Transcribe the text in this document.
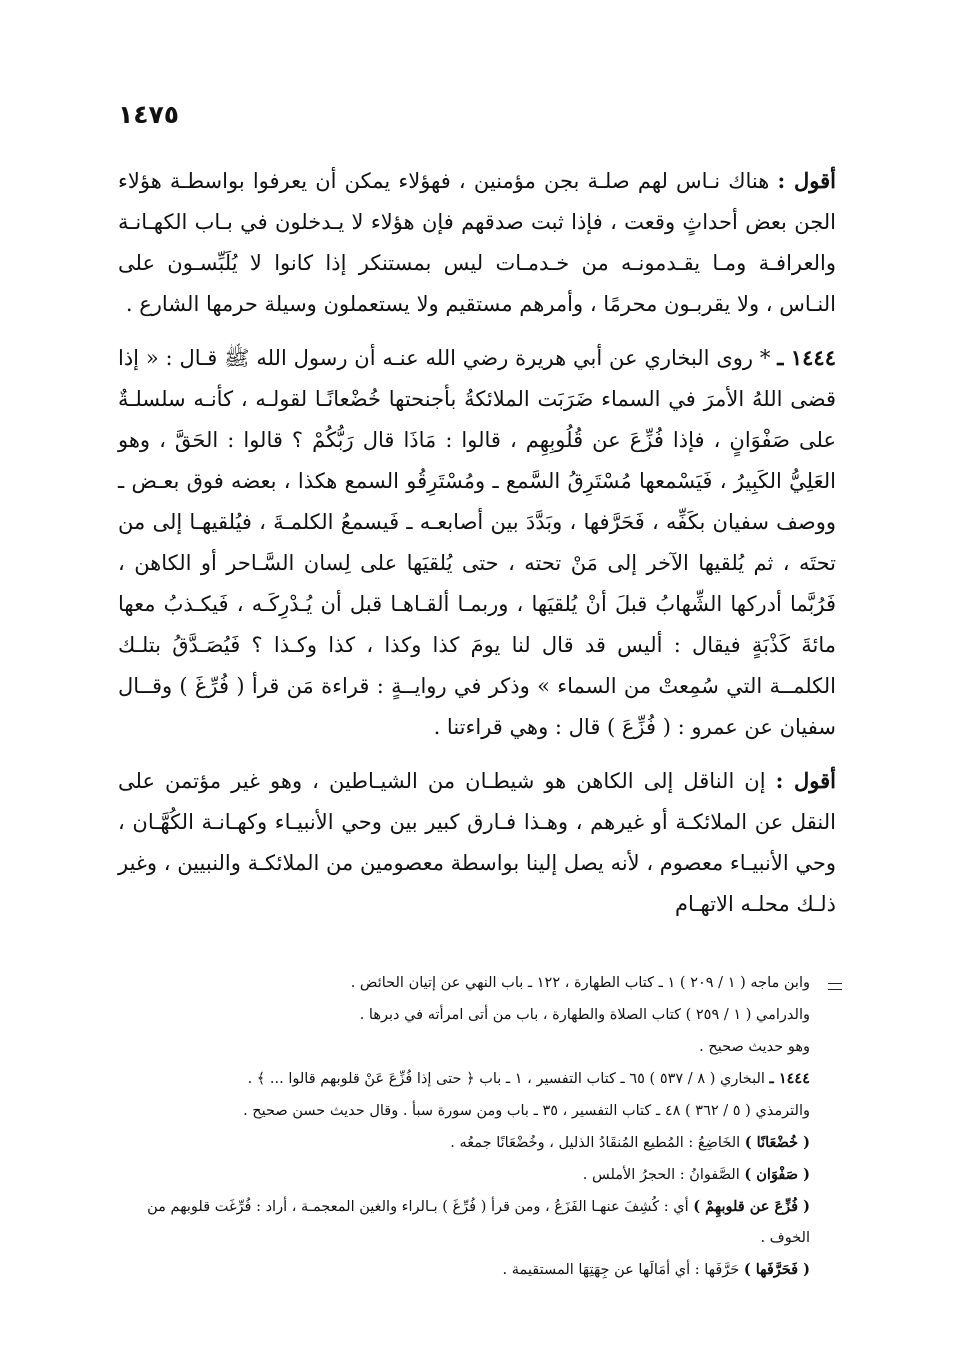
١٤٧٥

أقول : هناك نـاس لهم صلـة بجن مؤمنين ، فهؤلاء يمكن أن يعرفوا بواسطـة هؤلاء الجن بعض أحداثٍ وقعت ، فإذا ثبت صدقهم فإن هؤلاء لا يـدخلون في بـاب الكهـانـة والعرافـة ومـا يقـدمونـه من خـدمـات ليس بمستنكر إذا كانوا لا يُلَبِّسـون على النـاس ، ولا يقربـون محرمًا ، وأمرهم مستقيم ولا يستعملون وسيلة حرمها الشارع .

١٤٤٤ ـ * روى البخاري عن أبي هريرة رضي الله عنـه أن رسول الله ﷺ قـال : « إذا قضى اللهُ الأمرَ في السماء ضَرَبَت الملائكةُ بأجنحتها خُضْعانًـا لقولـه ، كأنـه سلسلـةٌ على صَفْوَانٍ ، فإذا فُزِّعَ عن قُلُوبِهِم ، قالوا : مَاذَا قال رَبُّكُمْ ؟ قالوا : الحَقَّ ، وهو العَلِيُّ الكَبِيرُ ، فَيَسْمعها مُسْتَرِقُ السَّمع ـ ومُسْتَرِقُو السمع هكذا ، بعضه فوق بعـض ـ ووصف سفيان بكَفِّه ، فَحَرَّفها ، وبَدَّدَ بين أصابعـه ـ فَيسمعُ الكلمـةَ ، فيُلقيهـا إلى من تحتَه ، ثم يُلقيها الآخر إلى مَنْ تحته ، حتى يُلقيَها على لِسان السَّـاحر أو الكاهن ، فَرُبَّما أدركها الشِّهابُ قبلَ أنْ يُلقيَها ، وربمـا ألقـاهـا قبل أن يُـدْرِكَـه ، فَيكـذبُ معها مائةَ كَذْبَةٍ فيقال : أليس قد قال لنا يومَ كذا وكذا ، كذا وكـذا ؟ فَيُصَـدَّقُ بتلـك الكلمــة التي سُمِعتْ من السماء » وذكر في روايــةٍ : قراءة مَن قرأ ( فُرِّغَ ) وقــال سفيان عن عمرو : ( فُزِّعَ ) قال : وهي قراءتنا .

أقول : إن الناقل إلى الكاهن هو شيطـان من الشيـاطين ، وهو غير مؤتمن على النقل عن الملائكـة أو غيرهم ، وهـذا فـارق كبير بين وحي الأنبيـاء وكهـانـة الكُهَّـان ، وحي الأنبيـاء معصوم ، لأنه يصل إلينا بواسطة معصومين من الملائكـة والنبيين ، وغير ذلـك محلـه الاتهـام

وابن ماجه ( ١ / ٢٠٩ ) ١ ـ كتاب الطهارة ، ١٢٢ ـ باب النهي عن إتيان الحائض .

والدرامي ( ١ / ٢٥٩ ) كتاب الصلاة والطهارة ، باب من أتى امرأته في دبرها .

وهو حديث صحيح .

١٤٤٤ ـ البخاري ( ٨ / ٥٣٧ ) ٦٥ ـ كتاب التفسير ، ١ ـ باب ﴿ حتى إذا فُزِّعَ عَنْ قلوبهم قالوا ... ﴾ .

والترمذي ( ٥ / ٣٦٢ ) ٤٨ ـ كتاب التفسير ، ٣٥ ـ باب ومن سورة سبأ . وقال حديث حسن صحيح .

( خُضْعَانًا ) الخَاضِعُ : المُطيع المُنقَادُ الذليل ، وخُضْعَانًا جمعُه .

( صَفْوَان ) الصَّفوانُ : الحجرُ الأملس .

( فُزِّعَ عن قلوبهِمْ ) أي : كُشِفَ عنهـا الفَزَعُ ، ومن قرأ ( فُرِّغَ ) بـالراء والغين المعجمـة ، أراد : فُرِّغَت قلوبهم من الخوف .

( فَحَرَّفَها ) حَرَّفَها : أي أمَالَها عن جِهَتِهَا المستقيمة .
